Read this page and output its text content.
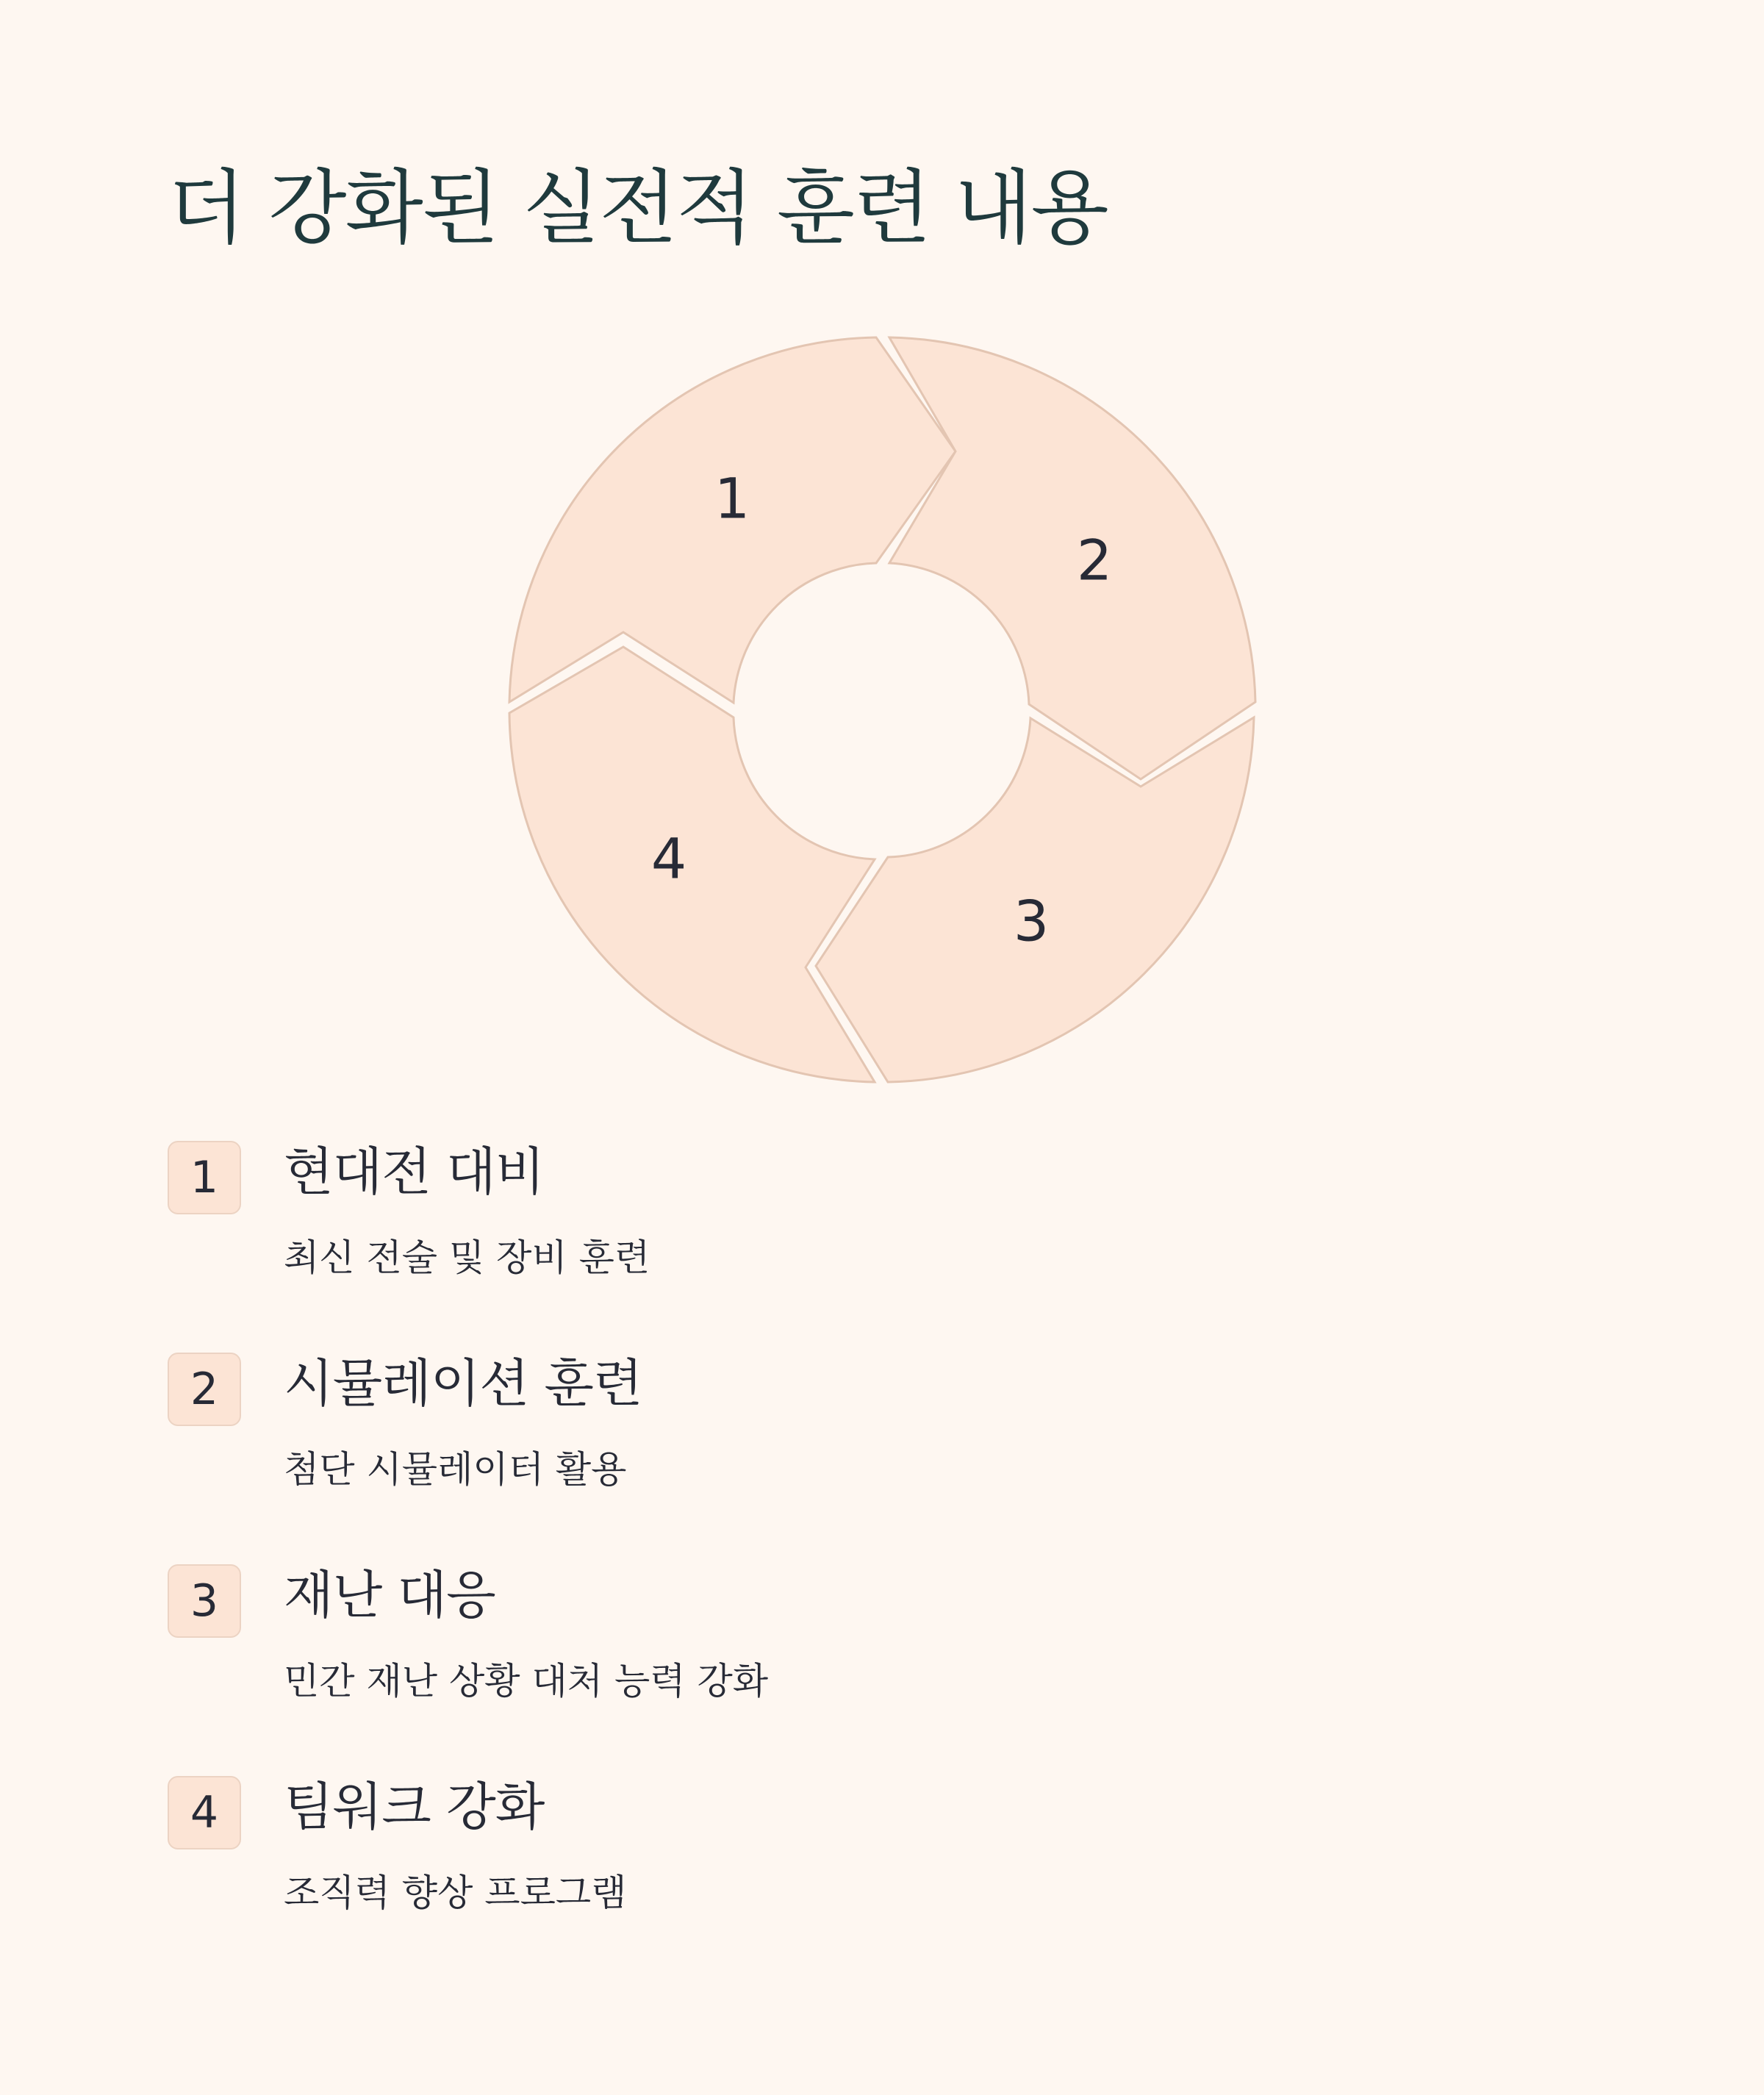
더 강화된 실전적 훈련 내용
1
2
3
4
1	현대전 대비
최신 전술 및 장비 훈련
2	시뮬레이션 훈련
첨단 시뮬레이터 활용
3	재난 대응
민간 재난 상황 대처 능력 강화
4	팀워크 강화
조직력 향상 프로그램
